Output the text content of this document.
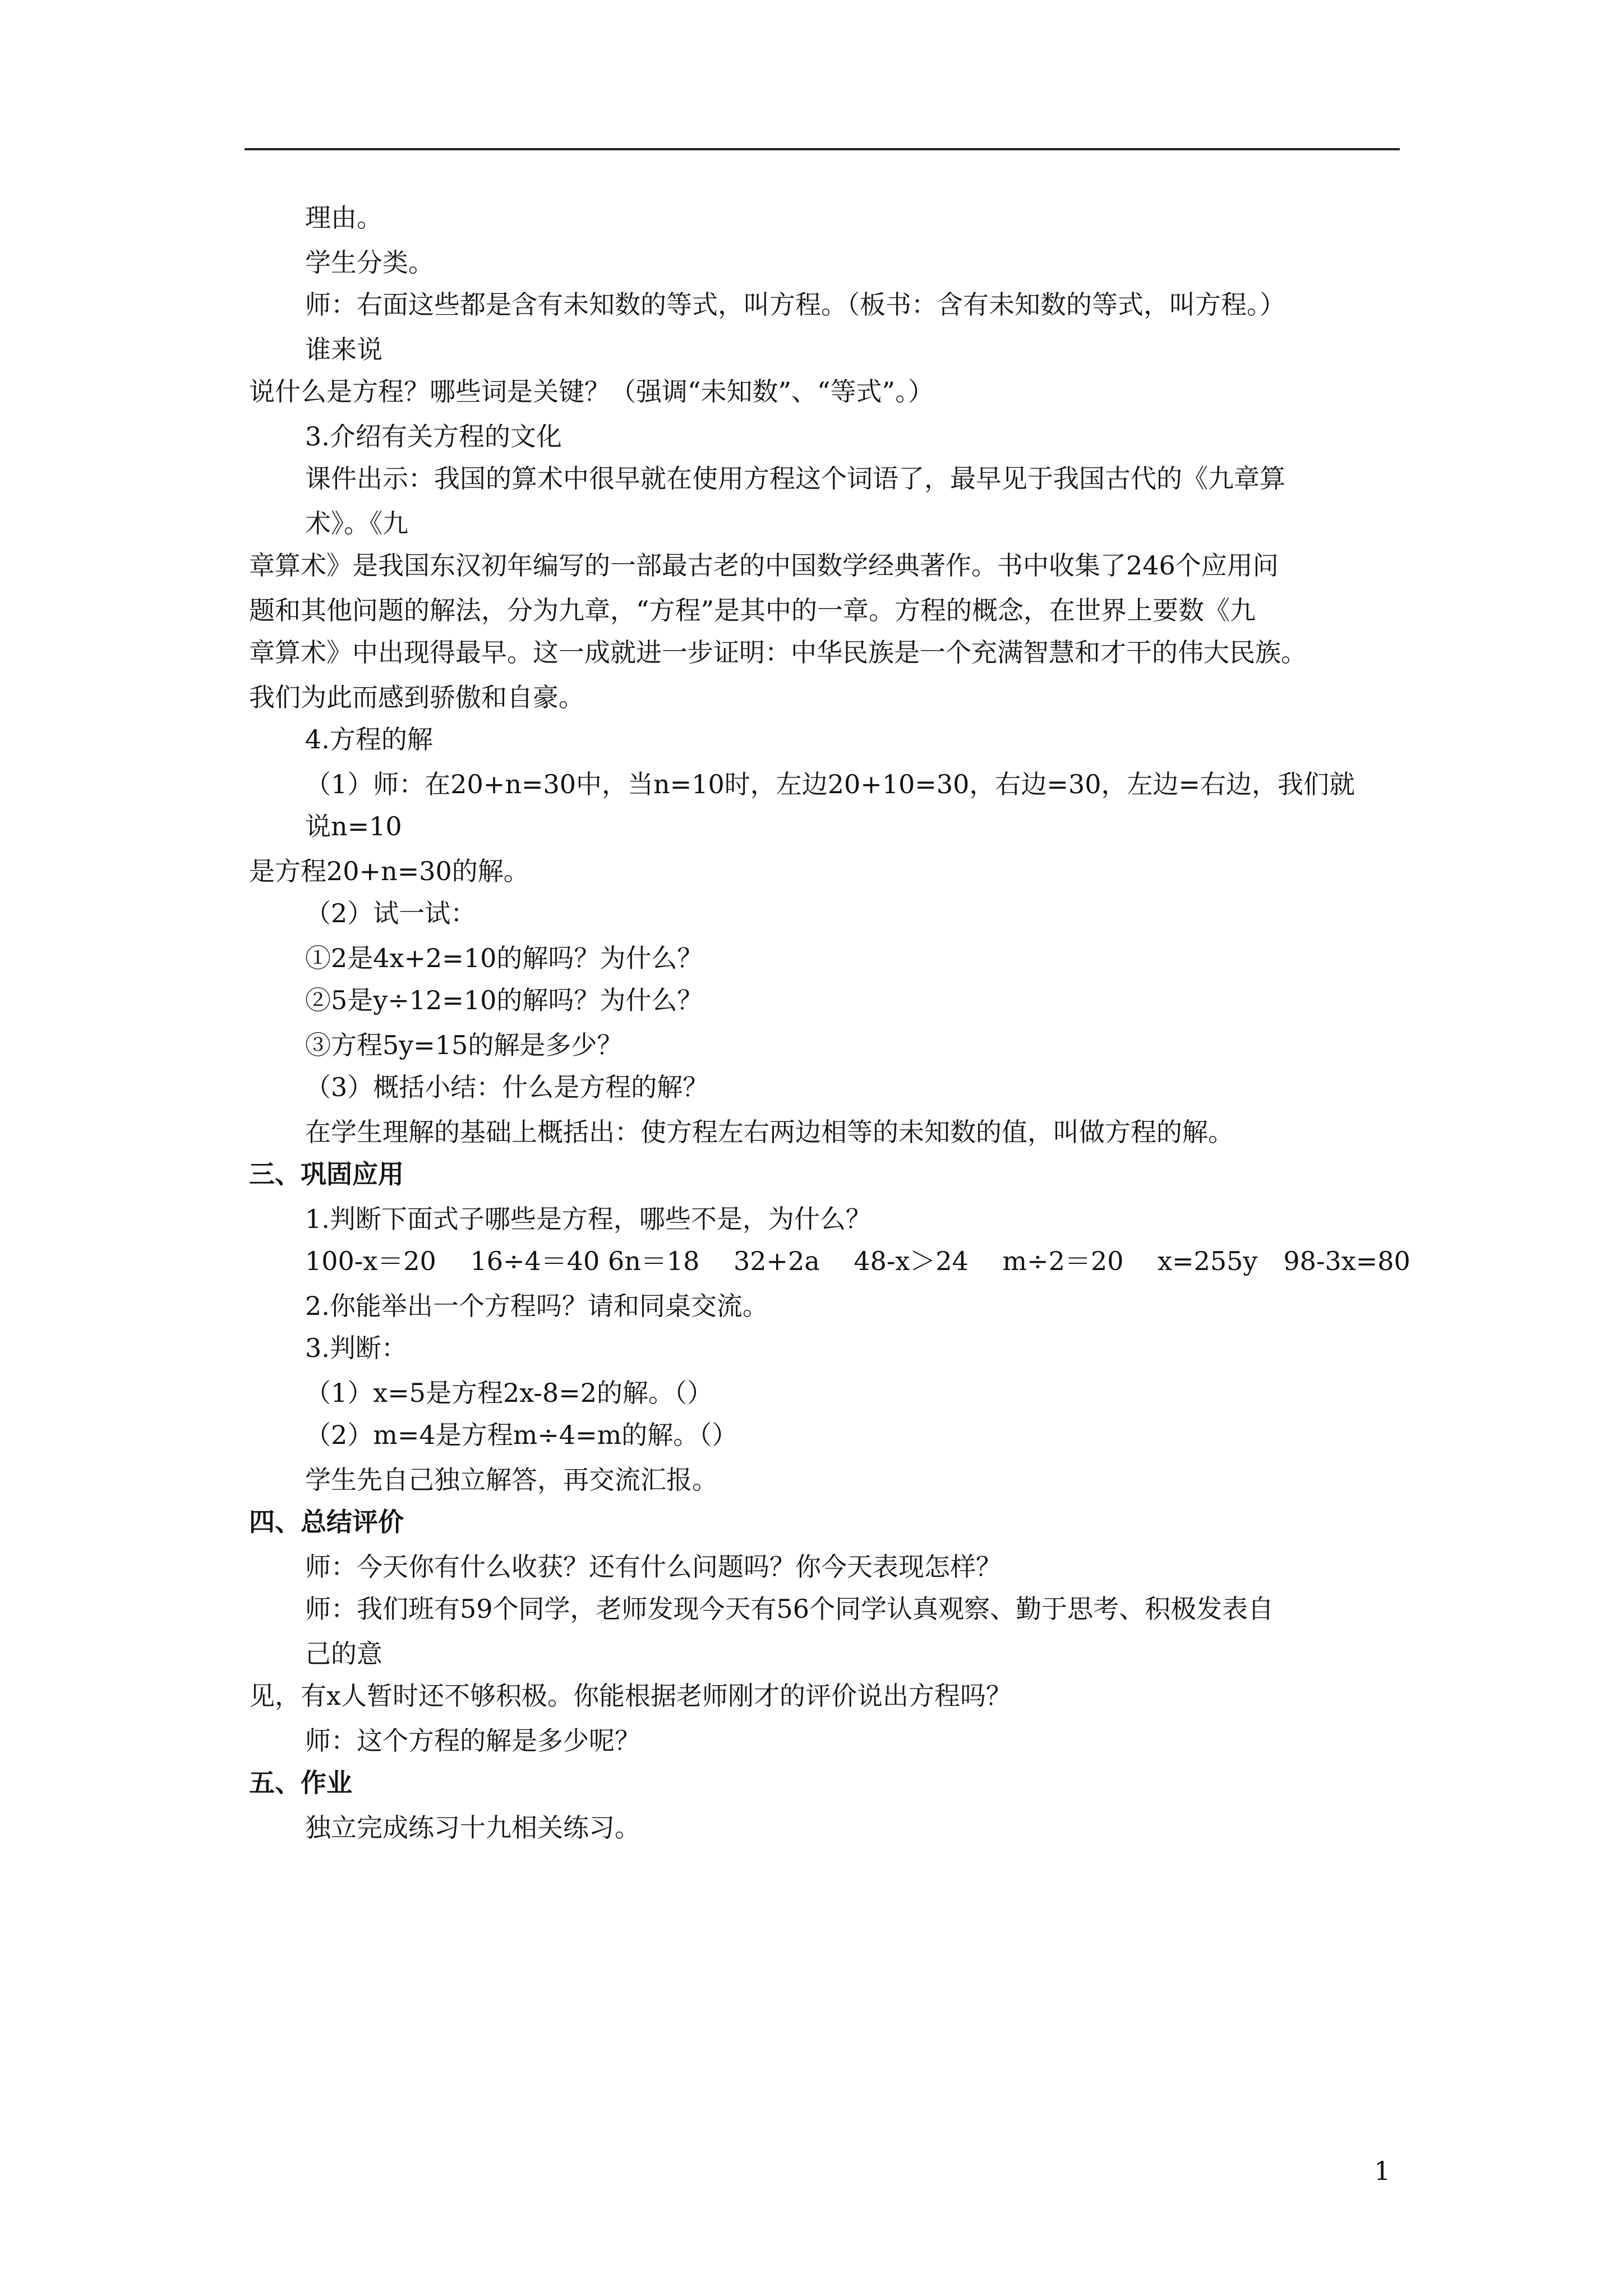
理由。
学生分类。
师：右面这些都是含有未知数的等式，叫方程。（板书：含有未知数的等式，叫方程。）
谁来说
说什么是方程？哪些词是关键？（强调“未知数”、“等式”。）
3.介绍有关方程的文化
课件出示：我国的算术中很早就在使用方程这个词语了，最早见于我国古代的《九章算
术》。《九
章算术》是我国东汉初年编写的一部最古老的中国数学经典著作。书中收集了246个应用问
题和其他问题的解法，分为九章，“方程”是其中的一章。方程的概念，在世界上要数《九
章算术》中出现得最早。这一成就进一步证明：中华民族是一个充满智慧和才干的伟大民族。
我们为此而感到骄傲和自豪。
4.方程的解
（1）师：在20+n=30中，当n=10时，左边20+10=30，右边=30，左边=右边，我们就
说n=10
是方程20+n=30的解。
（2）试一试：
①2是4x+2=10的解吗？为什么？
②5是y÷12=10的解吗？为什么？
③方程5y=15的解是多少？
（3）概括小结：什么是方程的解？
在学生理解的基础上概括出：使方程左右两边相等的未知数的值，叫做方程的解。
三、巩固应用
1.判断下面式子哪些是方程，哪些不是，为什么？
100-x＝20　 16÷4＝40 6n＝18　 32+2a　 48-x＞24　 m÷2＝20　 x=255y　98-3x=80
2.你能举出一个方程吗？请和同桌交流。
3.判断：
（1）x=5是方程2x-8=2的解。（）
（2）m=4是方程m÷4=m的解。（）
学生先自己独立解答，再交流汇报。
四、总结评价
师：今天你有什么收获？还有什么问题吗？你今天表现怎样？
师：我们班有59个同学，老师发现今天有56个同学认真观察、勤于思考、积极发表自
己的意
见，有x人暂时还不够积极。你能根据老师刚才的评价说出方程吗？
师：这个方程的解是多少呢？
五、作业
独立完成练习十九相关练习。
1
